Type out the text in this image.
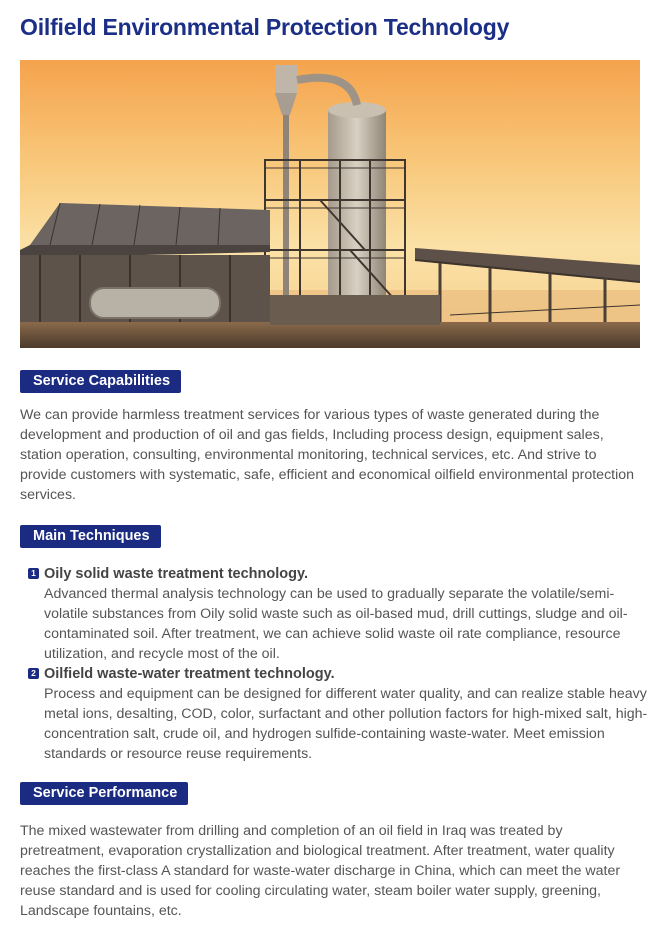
Oilfield Environmental Protection Technology
Service Capabilities

We can provide harmless treatment services for various types of waste generated during the development and production of oil and gas fields, Including process design, equipment sales, station operation, consulting, environmental monitoring, technical services, etc. And strive to provide customers with systematic, safe, efficient and economical oilfield environmental protection services.

Main Techniques
1 Oily solid waste treatment technology.

Advanced thermal analysis technology can be used to gradually separate the volatile/semi-volatile substances from Oily solid waste such as oil-based mud, drill cuttings, sludge and oil-contaminated soil. After treatment, we can achieve solid waste oil rate compliance, resource utilization, and recycle most of the oil.

2 Oilfield waste-water treatment technology.

Process and equipment can be designed for different water quality, and can realize stable heavy metal ions, desalting, COD, color, surfactant and other pollution factors for high-mixed salt, high-concentration salt, crude oil, and hydrogen sulfide-containing waste-water. Meet emission standards or resource reuse requirements.

Service Performance

The mixed wastewater from drilling and completion of an oil field in Iraq was treated by pretreatment, evaporation crystallization and biological treatment. After treatment, water quality reaches the first-class A standard for waste-water discharge in China, which can meet the water reuse standard and is used for cooling circulating water, steam boiler water supply, greening, Landscape fountains, etc.
